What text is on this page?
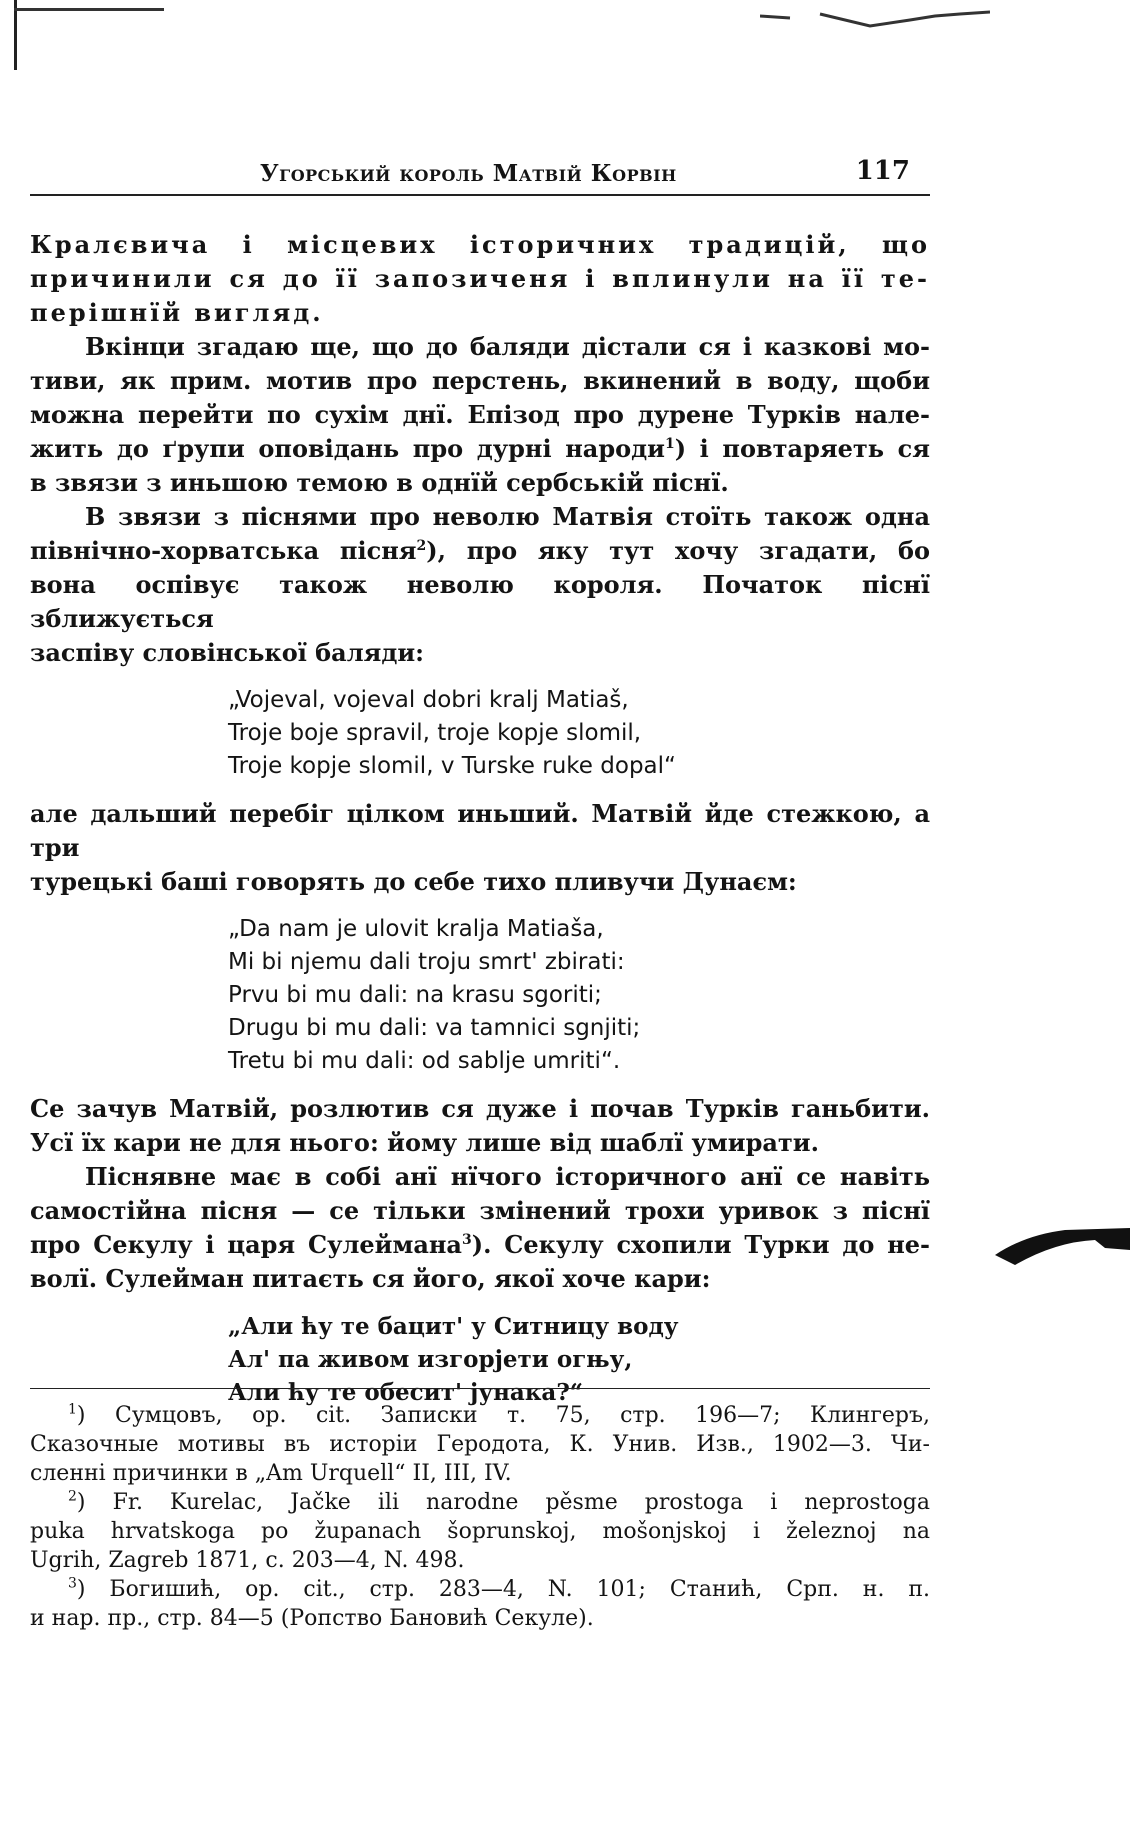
Угорський король Матвій Корвін	117

Кралєвича і місцевих історичних традицій, що
причинили ся до її запозиченя і вплинули на її те-
перішнїй вигляд.

Вкінци згадаю ще, що до баляди дістали ся і казкові мо-
тиви, як прим. мотив про перстень, вкинений в воду, щоби
можна перейти по сухім днї. Епізод про дурене Турків нале-
жить до ґрупи оповідань про дурні народи$^1$) і повтаряеть ся
в звязи з иньшою темою в однїй сербській піснї.

В звязи з піснями про неволю Матвія стоїть також одна
північно-хорватська пісня$^2$), про яку тут хочу згадати, бо
вона оспівує також неволю короля. Початок піснї зближується
заспіву словінської баляди:

„Vojeval, vojeval dobri kralj Matiaš,
Troje boje spravil, troje kopje slomil,
Troje kopje slomil, v Turske ruke dopal“

але дальший перебіг цілком иньший. Матвій йде стежкою, а три
турецькі баші говорять до себе тихо пливучи Дунаєм:

„Da nam je ulovit kralja Matiaša,
Mi bi njemu dali troju smrt' zbirati:
Prvu bi mu dali: na krasu sgoriti;
Drugu bi mu dali: va tamnici sgnjiti;
Tretu bi mu dali: od sablje umriti“.

Се зачув Матвій, розлютив ся дуже і почав Турків ганьбити.
Усї їх кари не для нього: йому лише від шаблї умирати.

Піснявне має в собі анї нїчого історичного анї се навіть
самостійна пісня — се тільки змінений трохи уривок з піснї
про Секулу і царя Сулеймана$^3$). Секулу схопили Турки до не-
волї. Сулейман питаєть ся його, якої хоче кари:

„Али ћу те бацит' у Ситницу воду
Ал' па живом изгорјети огњу,
Али ћу те обесит' јунака?“

$^1$) Сумцовъ, op. cit. Записки т. 75, стр. 196—7; Клингеръ,
Сказочные мотивы въ исторіи Геродота, К. Унив. Изв., 1902—3. Чи-
сленні причинки в „Am Urquell“ II, III, IV.

$^2$) Fr. Kurelac, Jačke ili narodne pěsme prostoga i neprostoga
puka hrvatskoga po županach šoprunskoj, mošonjskoj i železnoj na
Ugrih, Zagreb 1871, c. 203—4, N. 498.

$^3$) Богишић, op. cit., стр. 283—4, N. 101; Станић, Срп. н. п.
и нар. пр., стр. 84—5 (Ропство Бановић Секуле).
